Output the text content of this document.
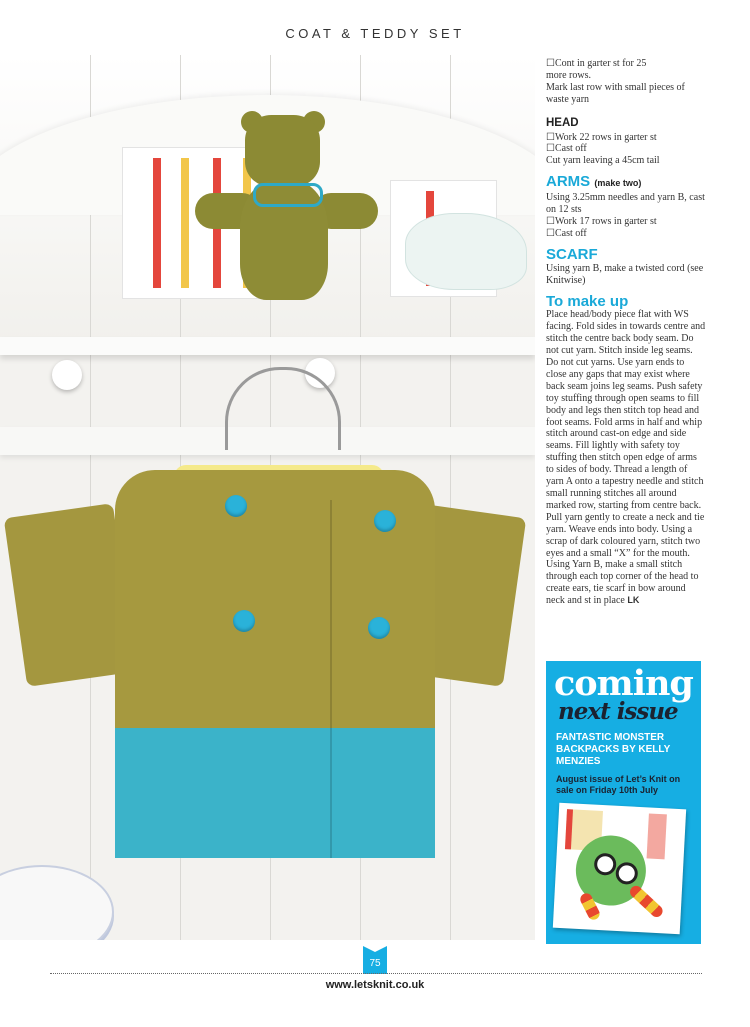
COAT & TEDDY SET

☐Cont in garter st for 25

more rows.

Mark last row with small pieces of waste yarn

HEAD

☐Work 22 rows in garter st

☐Cast off

Cut yarn leaving a 45cm tail

ARMS (make two)

Using 3.25mm needles and yarn B, cast on 12 sts

☐Work 17 rows in garter st

☐Cast off

SCARF

Using yarn B, make a twisted cord (see Knitwise)

To make up

Place head/body piece flat with WS facing. Fold sides in towards centre and stitch the centre back body seam. Do not cut yarn. Stitch inside leg seams. Do not cut yarns. Use yarn ends to close any gaps that may exist where back seam joins leg seams. Push safety toy stuffing through open seams to fill body and legs then stitch top head and foot seams. Fold arms in half and whip stitch around cast-on edge and side seams. Fill lightly with safety toy stuffing then stitch open edge of arms to sides of body. Thread a length of yarn A onto a tapestry needle and stitch small running stitches all around marked row, starting from centre back. Pull yarn gently to create a neck and tie yarn. Weave ends into body. Using a scrap of dark coloured yarn, stitch two eyes and a small “X” for the mouth. Using Yarn B, make a small stitch through each top corner of the head to create ears, tie scarf in bow around neck and st in place LK

coming
next issue
FANTASTIC MONSTER BACKPACKS BY KELLY MENZIES
August issue of Let’s Knit on sale on Friday 10th July
75
www.letsknit.co.uk
